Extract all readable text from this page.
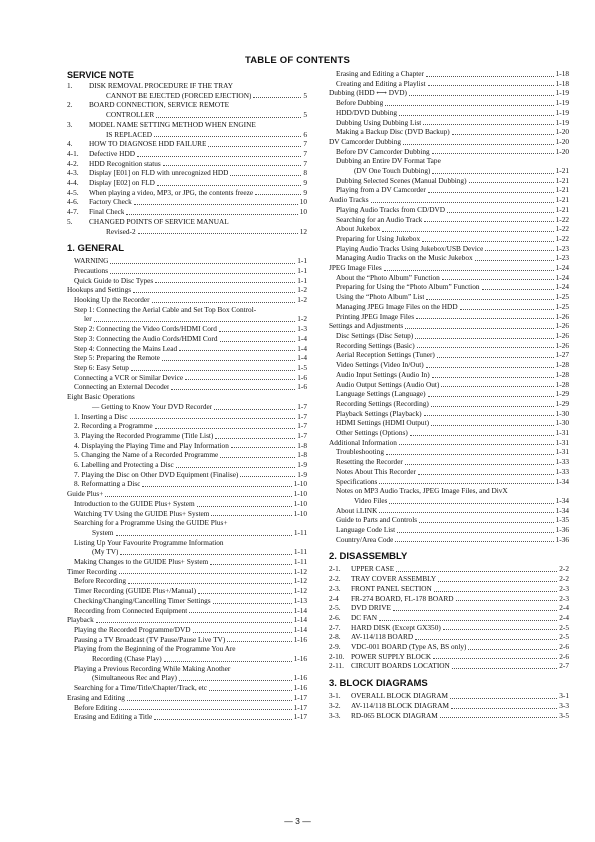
TABLE OF CONTENTS
SERVICE NOTE
1.	DISK REMOVAL PROCEDURE IF THE TRAY
CANNOT BE EJECTED (FORCED EJECTION)	5
2.	BOARD CONNECTION, SERVICE REMOTE
CONTROLLER	5
3.	MODEL NAME SETTING METHOD WHEN ENGINE
IS REPLACED	6
4.	HOW TO DIAGNOSE HDD FAILURE	7
4-1.	Defective HDD	7
4-2.	HDD Recognition status	7
4-3.	Display [E01] on FLD with unrecognized HDD	8
4-4.	Display [E02] on FLD	9
4-5.	When playing a video, MP3, or JPG, the contents freeze	9
4-6.	Factory Check	10
4-7.	Final Check	10
5.	CHANGED POINTS OF SERVICE MANUAL
Revised-2	12
1. GENERAL
WARNING	1-1
Precautions	1-1
Quick Guide to Disc Types	1-1
Hookups and Settings	1-2
Hooking Up the Recorder	1-2
Step 1: Connecting the Aerial Cable and Set Top Box Control-
ler	1-2
Step 2: Connecting the Video Cords/HDMI Cord	1-3
Step 3: Connecting the Audio Cords/HDMI Cord	1-4
Step 4: Connecting the Mains Lead	1-4
Step 5: Preparing the Remote	1-4
Step 6: Easy Setup	1-5
Connecting a VCR or Similar Device	1-6
Connecting an External Decoder	1-6
Eight Basic Operations
— Getting to Know Your DVD Recorder	1-7
1. Inserting a Disc	1-7
2. Recording a Programme	1-7
3. Playing the Recorded Programme (Title List)	1-7
4. Displaying the Playing Time and Play Information	1-8
5. Changing the Name of a Recorded Programme	1-8
6. Labelling and Protecting a Disc	1-9
7. Playing the Disc on Other DVD Equipment (Finalise)	1-9
8. Reformatting a Disc	1-10
Guide Plus+	1-10
Introduction to the GUIDE Plus+ System	1-10
Watching TV Using the GUIDE Plus+ System	1-10
Searching for a Programme Using the GUIDE Plus+
System	1-11
Listing Up Your Favourite Programme Information
(My TV)	1-11
Making Changes to the GUIDE Plus+ System	1-11
Timer Recording	1-12
Before Recording	1-12
Timer Recording (GUIDE Plus+/Manual)	1-12
Checking/Changing/Cancelling Timer Settings	1-13
Recording from Connected Equipment	1-14
Playback	1-14
Playing the Recorded Programme/DVD	1-14
Pausing a TV Broadcast (TV Pause/Pause Live TV)	1-16
Playing from the Beginning of the Programme You Are
Recording (Chase Play)	1-16
Playing a Previous Recording While Making Another
(Simultaneous Rec and Play)	1-16
Searching for a Time/Title/Chapter/Track, etc	1-16
Erasing and Editing	1-17
Before Editing	1-17
Erasing and Editing a Title	1-17
Erasing and Editing a Chapter	1-18
Creating and Editing a Playlist	1-18
Dubbing (HDD ⟷ DVD)	1-19
Before Dubbing	1-19
HDD/DVD Dubbing	1-19
Dubbing Using Dubbing List	1-19
Making a Backup Disc (DVD Backup)	1-20
DV Camcorder Dubbing	1-20
Before DV Camcorder Dubbing	1-20
Dubbing an Entire DV Format Tape
(DV One Touch Dubbing)	1-21
Dubbing Selected Scenes (Manual Dubbing)	1-21
Playing from a DV Camcorder	1-21
Audio Tracks	1-21
Playing Audio Tracks from CD/DVD	1-21
Searching for an Audio Track	1-22
About Jukebox	1-22
Preparing for Using Jukebox	1-22
Playing Audio Tracks Using Jukebox/USB Device	1-23
Managing Audio Tracks on the Music Jukebox	1-23
JPEG Image Files	1-24
About the “Photo Album” Function	1-24
Preparing for Using the “Photo Album” Function	1-24
Using the “Photo Album” List	1-25
Managing JPEG Image Files on the HDD	1-25
Printing JPEG Image Files	1-26
Settings and Adjustments	1-26
Disc Settings (Disc Setup)	1-26
Recording Settings (Basic)	1-26
Aerial Reception Settings (Tuner)	1-27
Video Settings (Video In/Out)	1-28
Audio Input Settings (Audio In)	1-28
Audio Output Settings (Audio Out)	1-28
Language Settings (Language)	1-29
Recording Settings (Recording)	1-29
Playback Settings (Playback)	1-30
HDMI Settings (HDMI Output)	1-30
Other Settings (Options)	1-31
Additional Information	1-31
Troubleshooting	1-31
Resetting the Recorder	1-33
Notes About This Recorder	1-33
Specifications	1-34
Notes on MP3 Audio Tracks, JPEG Image Files, and DivX
Video Files	1-34
About i.LINK	1-34
Guide to Parts and Controls	1-35
Language Code List	1-36
Country/Area Code	1-36
2. DISASSEMBLY
2-1.	UPPER CASE	2-2
2-2.	TRAY COVER ASSEMBLY	2-2
2-3.	FRONT PANEL SECTION	2-3
2-4	FR-274 BOARD, FL-178 BOARD	2-3
2-5.	DVD DRIVE	2-4
2-6.	DC FAN	2-4
2-7.	HARD DISK (Except GX350)	2-5
2-8.	AV-114/118 BOARD	2-5
2-9.	VDC-001 BOARD (Type AS, BS only)	2-6
2-10. POWER SUPPLY BLOCK	2-6
2-11. CIRCUIT BOARDS LOCATION	2-7
3. BLOCK DIAGRAMS
3-1.	OVERALL BLOCK DIAGRAM	3-1
3-2.	AV-114/118 BLOCK DIAGRAM	3-3
3-3.	RD-065 BLOCK DIAGRAM	3-5
— 3 —
